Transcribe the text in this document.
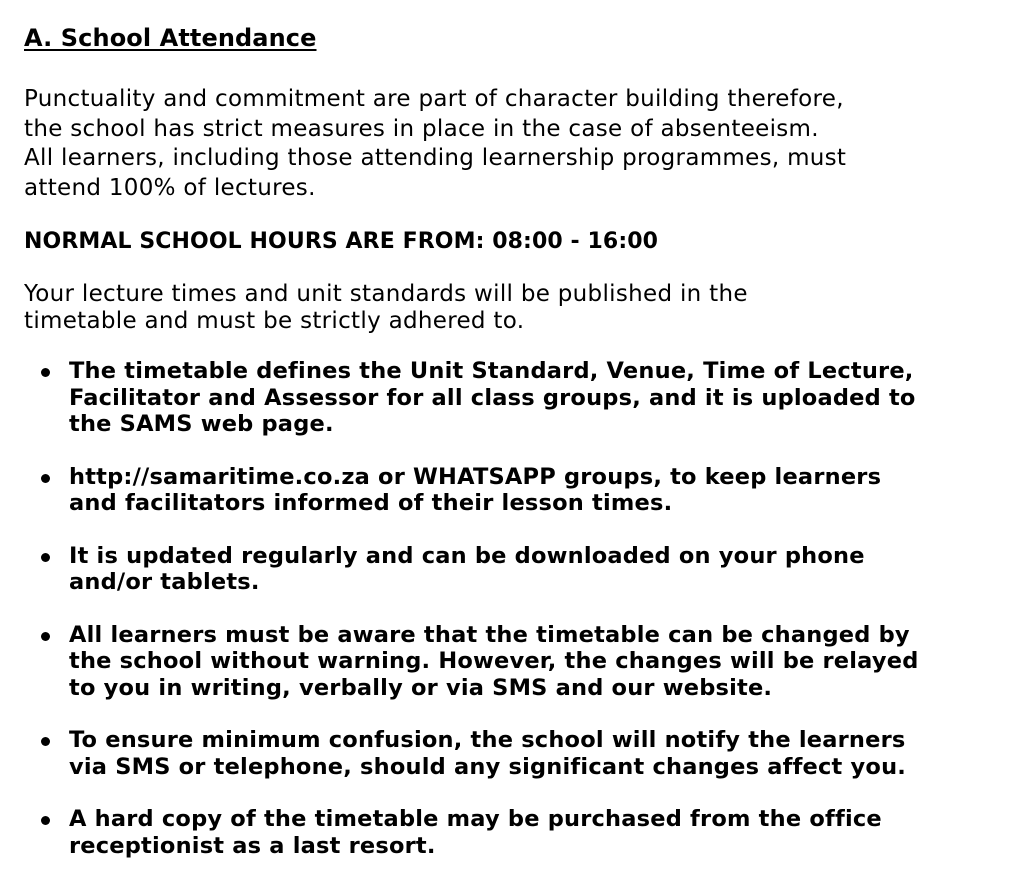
A. School Attendance

Punctuality and commitment are part of character building therefore,
the school has strict measures in place in the case of absenteeism.
All learners, including those attending learnership programmes, must
attend 100% of lectures.

NORMAL SCHOOL HOURS ARE FROM: 08:00 - 16:00

Your lecture times and unit standards will be published in the
timetable and must be strictly adhered to.

The timetable defines the Unit Standard, Venue, Time of Lecture,
Facilitator and Assessor for all class groups, and it is uploaded to
the SAMS web page.
http://samaritime.co.za or WHATSAPP groups, to keep learners
and facilitators informed of their lesson times.
It is updated regularly and can be downloaded on your phone
and/or tablets.
All learners must be aware that the timetable can be changed by
the school without warning. However, the changes will be relayed
to you in writing, verbally or via SMS and our website.
To ensure minimum confusion, the school will notify the learners
via SMS or telephone, should any significant changes affect you.
A hard copy of the timetable may be purchased from the office
receptionist as a last resort.
